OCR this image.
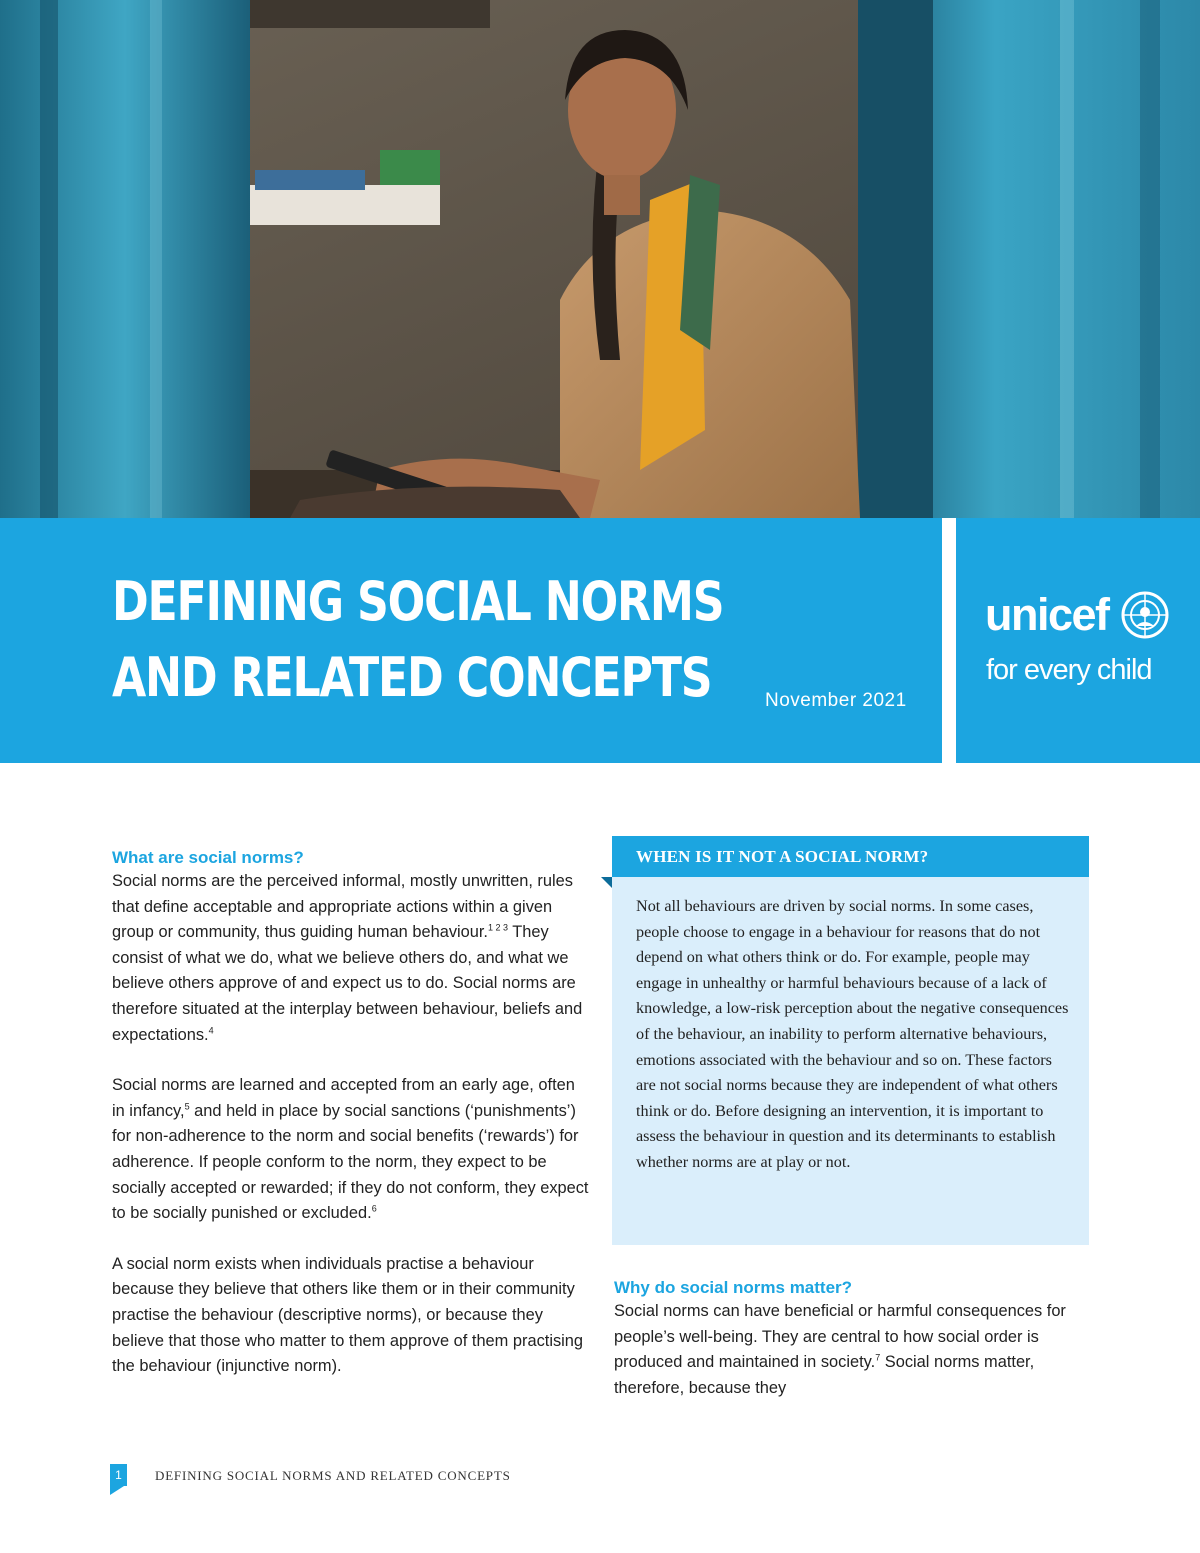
DEFINING SOCIAL NORMS
AND RELATED CONCEPTS	November 2021
unicef
for every child
What are social norms?

Social norms are the perceived informal, mostly unwritten, rules that define acceptable and appropriate actions within a given group or community, thus guiding human behaviour.$^{1 2 3}$ They consist of what we do, what we believe others do, and what we believe others approve of and expect us to do. Social norms are therefore situated at the interplay between behaviour, beliefs and expectations.$^4$

Social norms are learned and accepted from an early age, often in infancy,$^5$ and held in place by social sanctions (‘punishments’) for non-adherence to the norm and social benefits (‘rewards’) for adherence. If people conform to the norm, they expect to be socially accepted or rewarded; if they do not conform, they expect to be socially punished or excluded.$^6$

A social norm exists when individuals practise a behaviour because they believe that others like them or in their community practise the behaviour (descriptive norms), or because they believe that those who matter to them approve of them practising the behaviour (injunctive norm).

WHEN IS IT NOT A SOCIAL NORM?

Not all behaviours are driven by social norms. In some cases, people choose to engage in a behaviour for reasons that do not depend on what others think or do. For example, people may engage in unhealthy or harmful behaviours because of a lack of knowledge, a low-risk perception about the negative consequences of the behaviour, an inability to perform alternative behaviours, emotions associated with the behaviour and so on. These factors are not social norms because they are independent of what others think or do. Before designing an intervention, it is important to assess the behaviour in question and its determinants to establish whether norms are at play or not.

Why do social norms matter?

Social norms can have beneficial or harmful consequences for people’s well-being. They are central to how social order is produced and maintained in society.$^7$ Social norms matter, therefore, because they

1	DEFINING SOCIAL NORMS AND RELATED CONCEPTS
